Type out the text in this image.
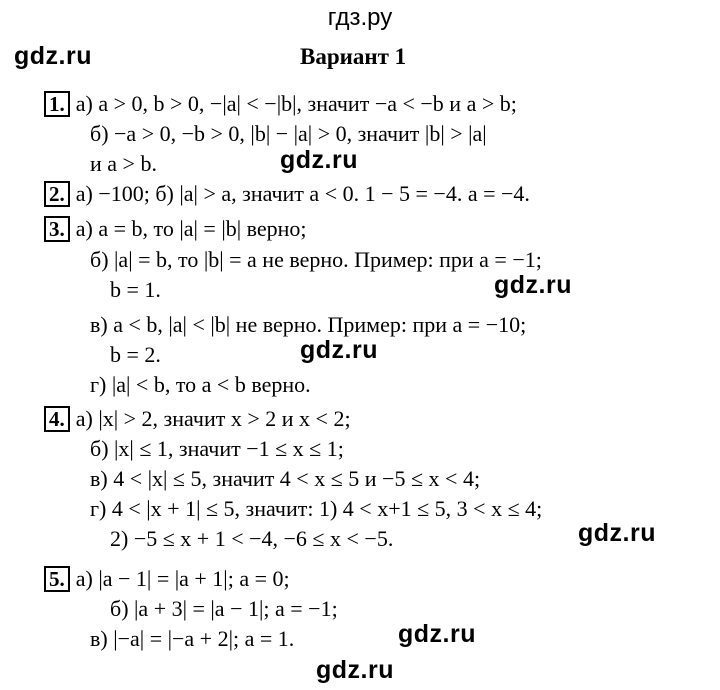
гдз.ру
gdz.ru	Вариант 1
1. а) a > 0, b > 0, −|a| < −|b|, значит −a < −b и a > b;
б) −a > 0, −b > 0, |b| − |a| > 0, значит |b| > |a|
и a > b.	gdz.ru
2. а) −100; б) |a| > a, значит a < 0. 1 − 5 = −4. a = −4.
3. а) a = b, то |a| = |b| верно;
б) |a| = b, то |b| = a не верно. Пример: при a = −1;
b = 1.	gdz.ru
в) a < b, |a| < |b| не верно. Пример: при a = −10;
b = 2.	gdz.ru
г) |a| < b, то a < b верно.
4. а) |x| > 2, значит x > 2 и x < 2;
б) |x| ≤ 1, значит −1 ≤ x ≤ 1;
в) 4 < |x| ≤ 5, значит 4 < x ≤ 5 и −5 ≤ x < 4;
г) 4 < |x + 1| ≤ 5, значит: 1) 4 < x+1 ≤ 5, 3 < x ≤ 4;
2) −5 ≤ x + 1 < −4, −6 ≤ x < −5.	gdz.ru
5. а) |a − 1| = |a + 1|; a = 0;
б) |a + 3| = |a − 1|; a = −1;
в) |−a| = |−a + 2|; a = 1.	gdz.ru
gdz.ru
